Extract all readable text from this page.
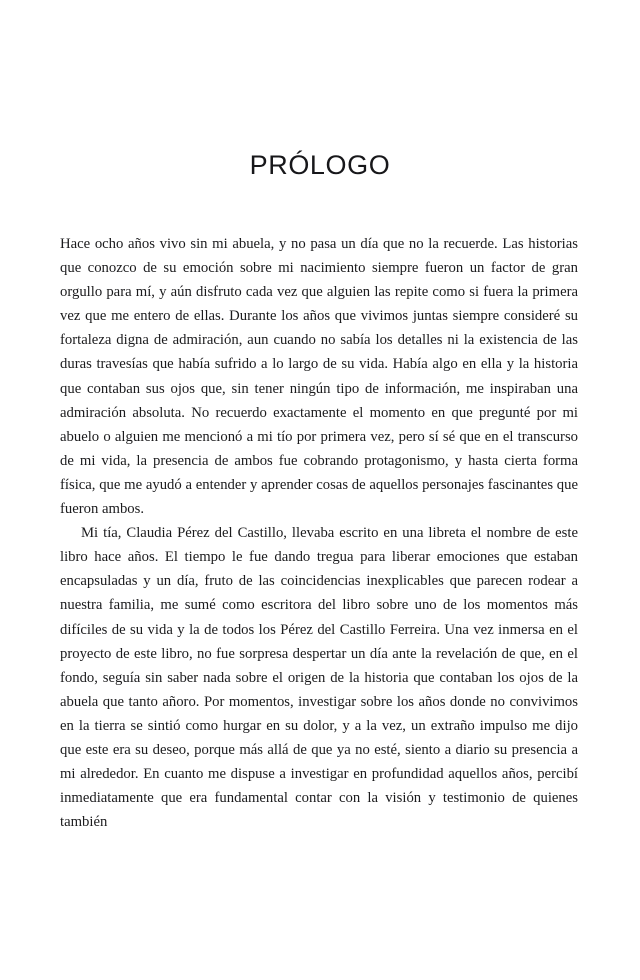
PRÓLOGO

Hace ocho años vivo sin mi abuela, y no pasa un día que no la recuerde. Las historias que conozco de su emoción sobre mi nacimiento siempre fueron un factor de gran orgullo para mí, y aún disfruto cada vez que alguien las repite como si fuera la primera vez que me entero de ellas. Durante los años que vivimos juntas siempre consideré su fortaleza digna de admiración, aun cuando no sabía los detalles ni la existencia de las duras travesías que había sufrido a lo largo de su vida. Había algo en ella y la historia que contaban sus ojos que, sin tener ningún tipo de información, me inspiraban una admiración absoluta. No recuerdo exactamente el momento en que pregunté por mi abuelo o alguien me mencionó a mi tío por primera vez, pero sí sé que en el transcurso de mi vida, la presencia de ambos fue cobrando protagonismo, y hasta cierta forma física, que me ayudó a entender y aprender cosas de aquellos personajes fascinantes que fueron ambos.

Mi tía, Claudia Pérez del Castillo, llevaba escrito en una libreta el nombre de este libro hace años. El tiempo le fue dando tregua para liberar emociones que estaban encapsuladas y un día, fruto de las coincidencias inexplicables que parecen rodear a nuestra familia, me sumé como escritora del libro sobre uno de los momentos más difíciles de su vida y la de todos los Pérez del Castillo Ferreira. Una vez inmersa en el proyecto de este libro, no fue sorpresa despertar un día ante la revelación de que, en el fondo, seguía sin saber nada sobre el origen de la historia que contaban los ojos de la abuela que tanto añoro. Por momentos, investigar sobre los años donde no convivimos en la tierra se sintió como hurgar en su dolor, y a la vez, un extraño impulso me dijo que este era su deseo, porque más allá de que ya no esté, siento a diario su presencia a mi alrededor. En cuanto me dispuse a investigar en profundidad aquellos años, percibí inmediatamente que era fundamental contar con la visión y testimonio de quienes también
